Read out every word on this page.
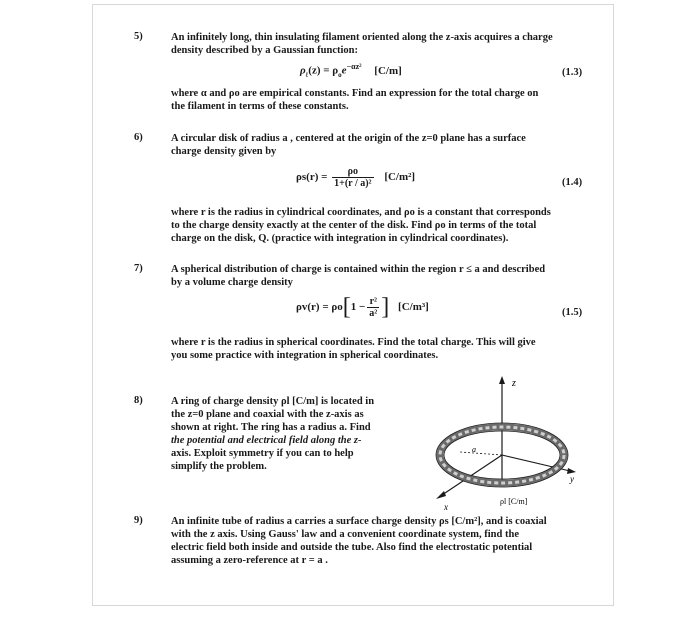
5)	An infinitely long, thin insulating filament oriented along the z-axis acquires a charge

density described by a Gaussian function:

$\rho_\ell(z) = \rho_oe^{-\alpha z^2}$ [C/m]	(1.3)

where α and ρo are empirical constants. Find an expression for the total charge on

the filament in terms of these constants.

6)	A circular disk of radius a , centered at the origin of the z=0 plane has a surface

charge density given by

$\rho s(r) = \frac{\rho o}{\text{1+(r / a)²}} [C/m^2]$	(1.4)

where r is the radius in cylindrical coordinates, and ρo is a constant that corresponds

to the charge density exactly at the center of the disk. Find ρo in terms of the total

charge on the disk, Q. (practice with integration in cylindrical coordinates).

7)	A spherical distribution of charge is contained within the region r ≤ a and described

by a volume charge density

$\rho v(r) = \rho o[1 - \frac{\text{r²}}{\text{a²}}$ ] [C/m³]	(1.5)

where r is the radius in spherical coordinates. Find the total charge. This will give

you some practice with integration in spherical coordinates.

8)	A ring of charge density ρl [C/m] is located in

the z=0 plane and coaxial with the z-axis as

shown at right. The ring has a radius a. Find

the potential and electrical field along the z-

axis. Exploit symmetry if you can to help

simplify the problem.

z
y
x
a
ρl [C/m]
9)	An infinite tube of radius a carries a surface charge density ρs [C/m²], and is coaxial

with the z axis. Using Gauss' law and a convenient coordinate system, find the

electric field both inside and outside the tube. Also find the electrostatic potential

assuming a zero-reference at r = a .
